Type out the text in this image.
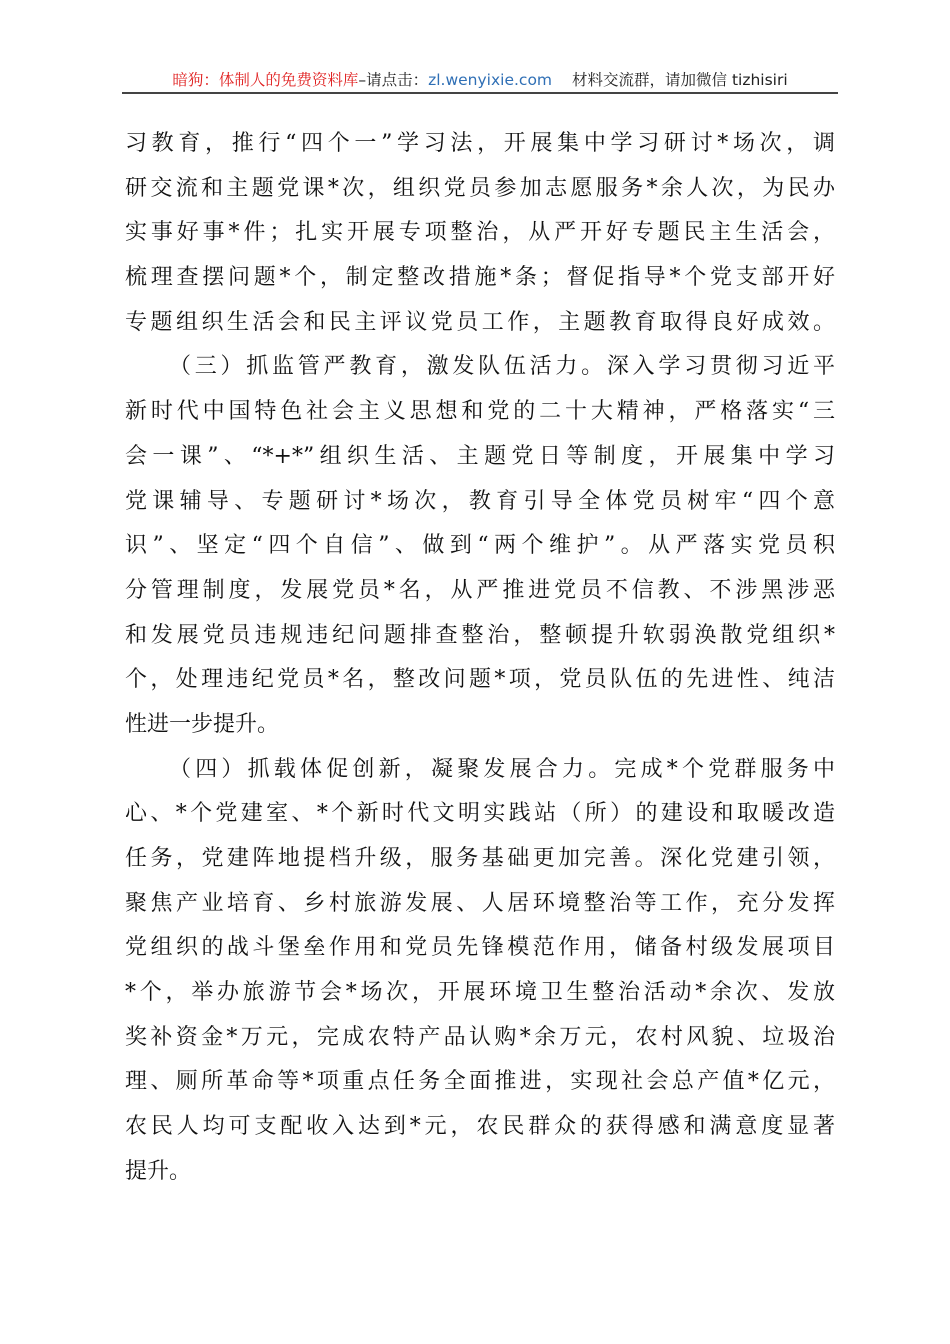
暗狗：体制人的免费资料库–请点击：zl.wenyixie.com 材料交流群，请加微信 tizhisiri
习教育，推行“四个一”学习法，开展集中学习研讨*场次，调
研交流和主题党课*次，组织党员参加志愿服务*余人次，为民办
实事好事*件；扎实开展专项整治，从严开好专题民主生活会，
梳理查摆问题*个，制定整改措施*条；督促指导*个党支部开好
专题组织生活会和民主评议党员工作，主题教育取得良好成效。
（三）抓监管严教育，激发队伍活力。深入学习贯彻习近平
新时代中国特色社会主义思想和党的二十大精神，严格落实“三
会一课”、“*+*”组织生活、主题党日等制度，开展集中学习
党课辅导、专题研讨*场次，教育引导全体党员树牢“四个意
识”、坚定“四个自信”、做到“两个维护”。从严落实党员积
分管理制度，发展党员*名，从严推进党员不信教、不涉黑涉恶
和发展党员违规违纪问题排查整治，整顿提升软弱涣散党组织*
个，处理违纪党员*名，整改问题*项，党员队伍的先进性、纯洁
性进一步提升。
（四）抓载体促创新，凝聚发展合力。完成*个党群服务中
心、*个党建室、*个新时代文明实践站（所）的建设和取暖改造
任务，党建阵地提档升级，服务基础更加完善。深化党建引领，
聚焦产业培育、乡村旅游发展、人居环境整治等工作，充分发挥
党组织的战斗堡垒作用和党员先锋模范作用，储备村级发展项目
*个，举办旅游节会*场次，开展环境卫生整治活动*余次、发放
奖补资金*万元，完成农特产品认购*余万元，农村风貌、垃圾治
理、厕所革命等*项重点任务全面推进，实现社会总产值*亿元，
农民人均可支配收入达到*元，农民群众的获得感和满意度显著
提升。
